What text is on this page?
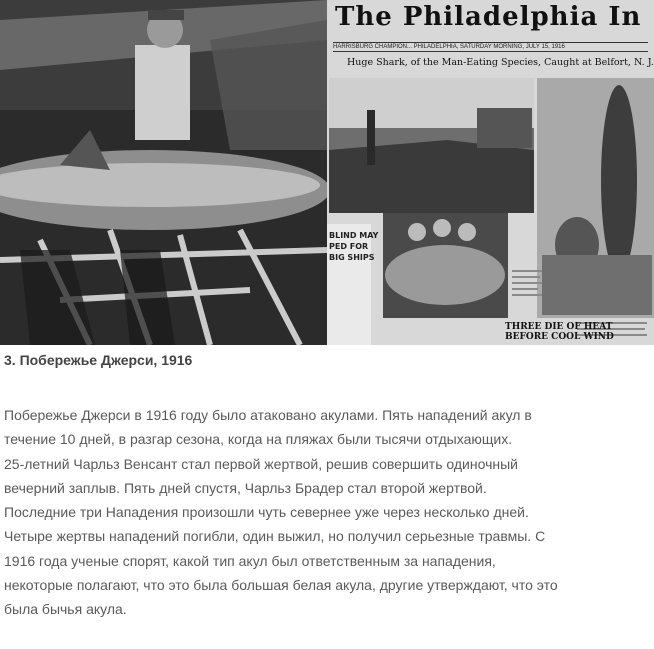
The Philadelphia In
HARRISBURG CHAMPION... PHILADELPHIA, SATURDAY MORNING, JULY 15, 1916
Huge Shark, of the Man-Eating Species, Caught at Belfort, N. J.
BLIND MAY
PED FOR
BIG SHIPS
THREE DIE OF HEAT
BEFORE COOL WIND
3. Побережье Джерси, 1916
Побережье Джерси в 1916 году было атаковано акулами. Пять нападений акул в
течение 10 дней, в разгар сезона, когда на пляжах были тысячи отдыхающих.
25-летний Чарльз Венсант стал первой жертвой, решив совершить одиночный
вечерний заплыв. Пять дней спустя, Чарльз Брадер стал второй жертвой.
Последние три Нападения произошли чуть севернее уже через несколько дней.
Четыре жертвы нападений погибли, один выжил, но получил серьезные травмы. С
1916 года ученые спорят, какой тип акул был ответственным за нападения,
некоторые полагают, что это была большая белая акула, другие утверждают, что это
была бычья акула.
